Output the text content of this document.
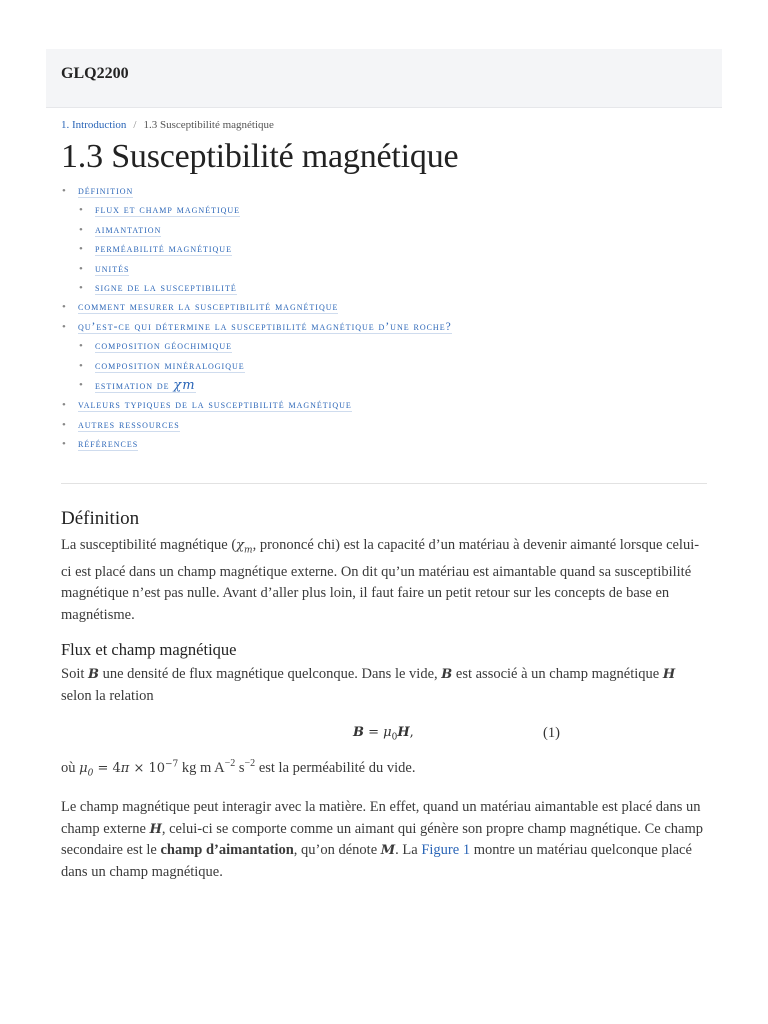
GLQ2200
1. Introduction / 1.3 Susceptibilité magnétique
1.3 Susceptibilité magnétique
• définition
• flux et champ magnétique
• aimantation
• perméabilité magnétique
• unités
• signe de la susceptibilité
• comment mesurer la susceptibilité magnétique
• qu’est-ce qui détermine la susceptibilité magnétique d’une roche?
• composition géochimique
• composition minéralogique
• estimation de χm
• valeurs typiques de la susceptibilité magnétique
• autres ressources
• références
Définition

La susceptibilité magnétique ($\chi_m$, prononcé chi) est la capacité d’un matériau à devenir aimanté lorsque celui-ci est placé dans un champ magnétique externe. On dit qu’un matériau est aimantable quand sa susceptibilité magnétique n’est pas nulle. Avant d’aller plus loin, il faut faire un petit retour sur les concepts de base en magnétisme.

Flux et champ magnétique

Soit B une densité de flux magnétique quelconque. Dans le vide, B est associé à un champ magnétique H selon la relation

$B = \mu_0H$,	(1)

où $\mu_0 = 4\pi \times 10^{-7}$ kg m $A^{-2}$ $s^{-2}$ est la perméabilité du vide.

Le champ magnétique peut interagir avec la matière. En effet, quand un matériau aimantable est placé dans un champ externe H, celui-ci se comporte comme un aimant qui génère son propre champ magnétique. Ce champ secondaire est le champ d’aimantation, qu’on dénote M. La Figure 1 montre un matériau quelconque placé dans un champ magnétique.
